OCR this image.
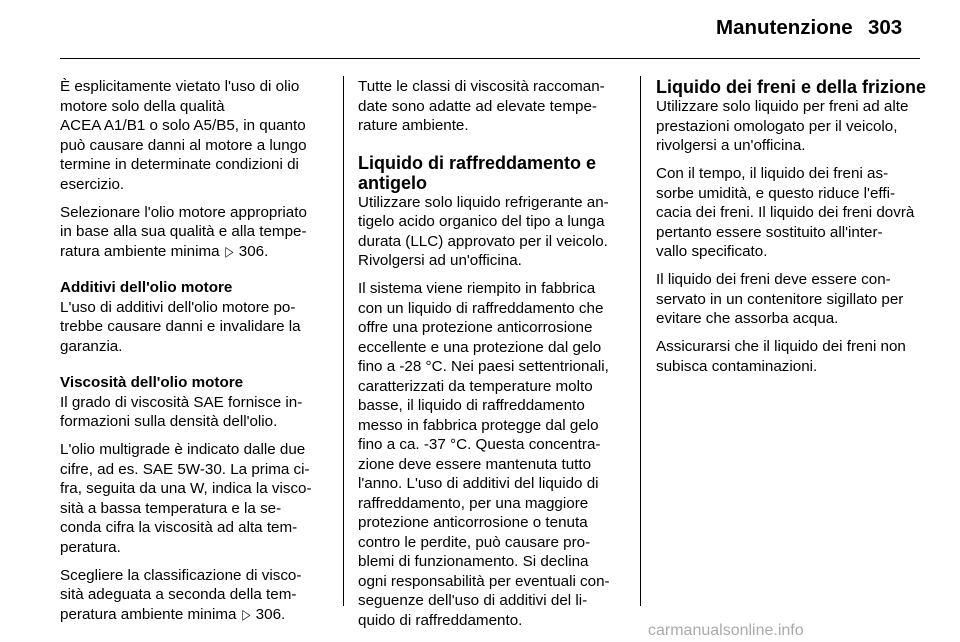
Manutenzione 303

È esplicitamente vietato l'uso di olio
motore solo della qualità
ACEA A1/B1 o solo A5/B5, in quanto
può causare danni al motore a lungo
termine in determinate condizioni di
esercizio.

Selezionare l'olio motore appropriato
in base alla sua qualità e alla tempe-
ratura ambiente minima ▷ 306.

Additivi dell'olio motore
L'uso di additivi dell'olio motore po-
trebbe causare danni e invalidare la
garanzia.

Viscosità dell'olio motore
Il grado di viscosità SAE fornisce in-
formazioni sulla densità dell'olio.

L'olio multigrade è indicato dalle due
cifre, ad es. SAE 5W-30. La prima ci-
fra, seguita da una W, indica la visco-
sità a bassa temperatura e la se-
conda cifra la viscosità ad alta tem-
peratura.

Scegliere la classificazione di visco-
sità adeguata a seconda della tem-
peratura ambiente minima ▷ 306.

Tutte le classi di viscosità raccoman-
date sono adatte ad elevate tempe-
rature ambiente.

Liquido di raffreddamento e
antigelo

Utilizzare solo liquido refrigerante an-
tigelo acido organico del tipo a lunga
durata (LLC) approvato per il veicolo.
Rivolgersi ad un'officina.

Il sistema viene riempito in fabbrica
con un liquido di raffreddamento che
offre una protezione anticorrosione
eccellente e una protezione dal gelo
fino a -28 °C. Nei paesi settentrionali,
caratterizzati da temperature molto
basse, il liquido di raffreddamento
messo in fabbrica protegge dal gelo
fino a ca. -37 °C. Questa concentra-
zione deve essere mantenuta tutto
l'anno. L'uso di additivi del liquido di
raffreddamento, per una maggiore
protezione anticorrosione o tenuta
contro le perdite, può causare pro-
blemi di funzionamento. Si declina
ogni responsabilità per eventuali con-
seguenze dell'uso di additivi del li-
quido di raffreddamento.

Liquido dei freni e della frizione

Utilizzare solo liquido per freni ad alte
prestazioni omologato per il veicolo,
rivolgersi a un'officina.

Con il tempo, il liquido dei freni as-
sorbe umidità, e questo riduce l'effi-
cacia dei freni. Il liquido dei freni dovrà
pertanto essere sostituito all'inter-
vallo specificato.

Il liquido dei freni deve essere con-
servato in un contenitore sigillato per
evitare che assorba acqua.

Assicurarsi che il liquido dei freni non
subisca contaminazioni.

carmanualsonline.info
